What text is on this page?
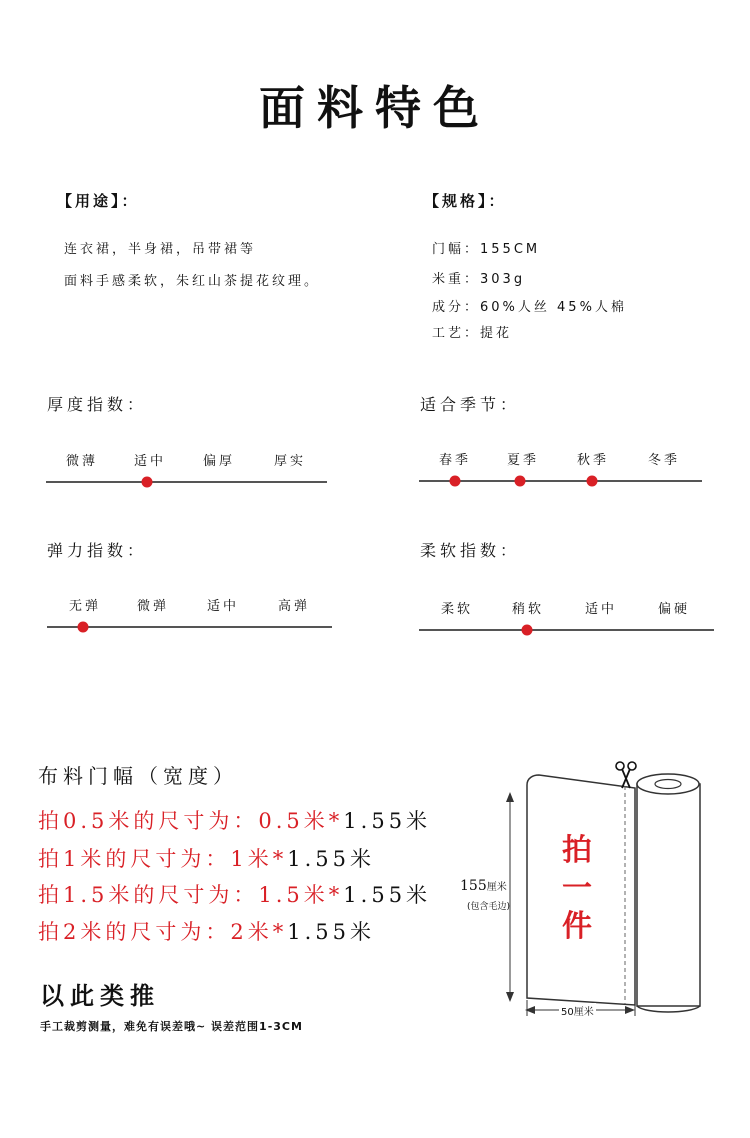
面料特色
【用途】：
连衣裙，半身裙，吊带裙等
面料手感柔软，朱红山茶提花纹理。
【规格】：
门幅：155CM
米重：303g
成分：60%人丝 45%人棉
工艺：提花
厚度指数：
微薄	适中	偏厚	厚实
适合季节：
春季	夏季	秋季	冬季
弹力指数：
无弹	微弹	适中	高弹
柔软指数：
柔软	稍软	适中	偏硬
布料门幅（宽度）
拍0.5米的尺寸为：0.5米*1.55米
拍1米的尺寸为：1米*1.55米
拍1.5米的尺寸为：1.5米*1.55米
拍2米的尺寸为：2米*1.55米
以此类推
手工裁剪测量，难免有误差哦~ 误差范围1-3CM
155厘米
(包含毛边)
50厘米
拍
一
件
